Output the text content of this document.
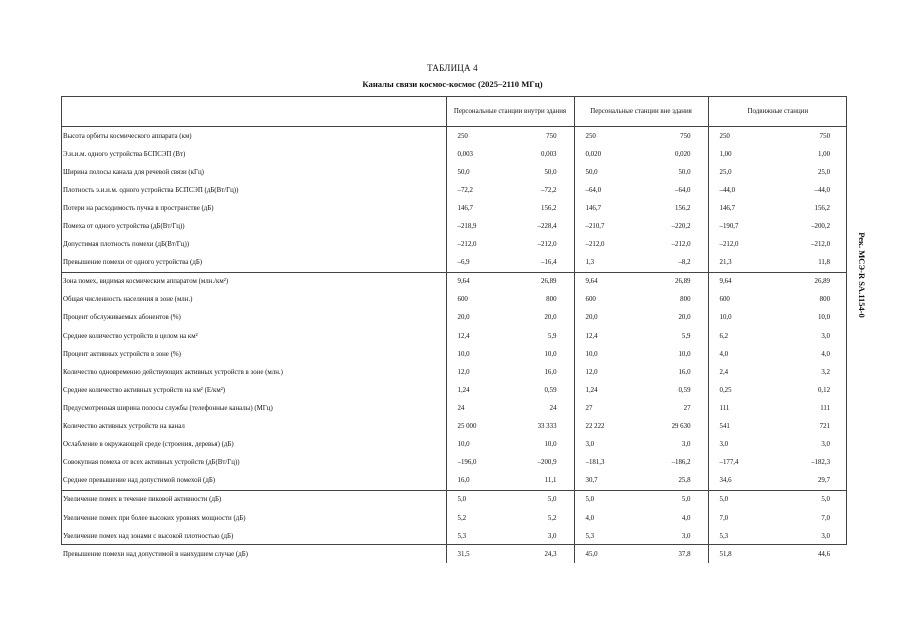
ТАБЛИЦА 4
Каналы связи космос-космос (2025–2110 МГц)
Рек. МСЭ-R SA.1154-0
	Персональные станции внутри здания		Персональные станции вне здания		Подвижные станции	
Высота орбиты космического аппарата (км)	250	750	250	750	250	750
Э.и.и.м. одного устройства БСПСЭП (Вт)	0,003	0,003	0,020	0,020	1,00	1,00
Ширина полосы канала для речевой связи (кГц)	50,0	50,0	50,0	50,0	25,0	25,0
Плотность э.и.и.м. одного устройства БСПСЭП (дБ(Вт/Гц))	–72,2	–72,2	–64,0	–64,0	–44,0	–44,0
Потери на расходимость пучка в пространстве (дБ)	146,7	156,2	146,7	156,2	146,7	156,2
Помеха от одного устройства (дБ(Вт/Гц))	–218,9	–228,4	–210,7	–220,2	–190,7	–200,2
Допустимая плотность помехи (дБ(Вт/Гц))	–212,0	–212,0	–212,0	–212,0	–212,0	–212,0
Превышение помехи от одного устройства (дБ)	–6,9	–16,4	1,3	–8,2	21,3	11,8
Зона помех, видимая космическим аппаратом (млн./км²)	9,64	26,89	9,64	26,89	9,64	26,89
Общая численность населения в зоне (млн.)	600	800	600	800	600	800
Процент обслуживаемых абонентов (%)	20,0	20,0	20,0	20,0	10,0	10,0
Среднее количество устройств в целом на км²	12,4	5,9	12,4	5,9	6,2	3,0
Процент активных устройств в зоне (%)	10,0	10,0	10,0	10,0	4,0	4,0
Количество одновременно действующих активных устройств в зоне (млн.)	12,0	16,0	12,0	16,0	2,4	3,2
Среднее количество активных устройств на км² (Е/км²)	1,24	0,59	1,24	0,59	0,25	0,12
Предусмотренная ширина полосы службы (телефонные каналы) (МГц)	24	24	27	27	111	111
Количество активных устройств на канал	25 000	33 333	22 222	29 630	541	721
Ослабление в окружающей среде (строения, деревья) (дБ)	10,0	10,0	3,0	3,0	3,0	3,0
Совокупная помеха от всех активных устройств (дБ(Вт/Гц))	–196,0	–200,9	–181,3	–186,2	–177,4	–182,3
Среднее превышение над допустимой помехой (дБ)	16,0	11,1	30,7	25,8	34,6	29,7
Увеличение помех в течение пиковой активности (дБ)	5,0	5,0	5,0	5,0	5,0	5,0
Увеличение помех при более высоких уровнях мощности (дБ)	5,2	5,2	4,0	4,0	7,0	7,0
Увеличение помех над зонами с высокой плотностью (дБ)	5,3	3,0	5,3	3,0	5,3	3,0
Превышение помехи над допустимой в наихудшем случае (дБ)	31,5	24,3	45,0	37,8	51,8	44,6
